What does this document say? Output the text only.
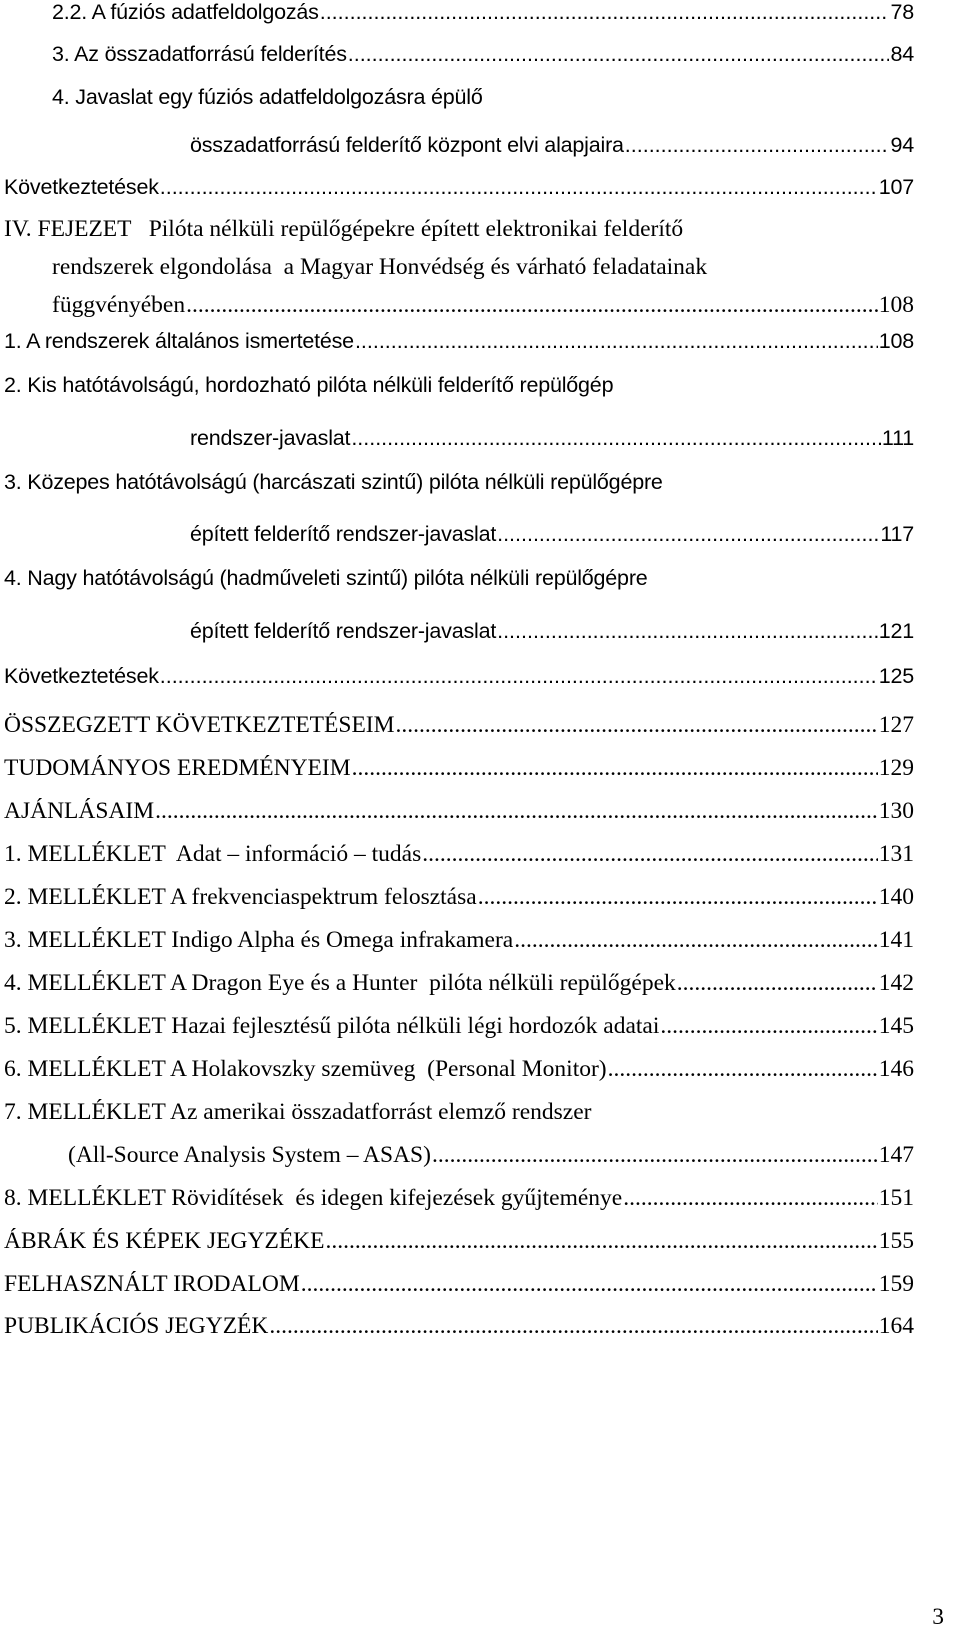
2.2. A fúziós adatfeldolgozás .....	78
3. Az összadatforrású felderítés .....	84
4. Javaslat egy fúziós adatfeldolgozásra épülő
összadatforrású felderítő központ elvi alapjaira .....	94
Következtetések .....	107
IV. FEJEZET   Pilóta nélküli repülőgépekre épített elektronikai felderítő
rendszerek elgondolása  a Magyar Honvédség és várható feladatainak
függvényében .....	108
1. A rendszerek általános ismertetése .....	108
2. Kis hatótávolságú, hordozható pilóta nélküli felderítő repülőgép
rendszer-javaslat .....	111
3. Közepes hatótávolságú (harcászati szintű) pilóta nélküli repülőgépre
épített felderítő rendszer-javaslat .....	117
4. Nagy hatótávolságú (hadműveleti szintű) pilóta nélküli repülőgépre
épített felderítő rendszer-javaslat .....	121
Következtetések .....	125
ÖSSZEGZETT KÖVETKEZTETÉSEIM .....	127
TUDOMÁNYOS EREDMÉNYEIM .....	129
AJÁNLÁSAIM .....	130
1. MELLÉKLET  Adat – információ – tudás .....	131
2. MELLÉKLET A frekvenciaspektrum felosztása .....	140
3. MELLÉKLET Indigo Alpha és Omega infrakamera .....	141
4. MELLÉKLET A Dragon Eye és a Hunter  pilóta nélküli repülőgépek .....	142
5. MELLÉKLET Hazai fejlesztésű pilóta nélküli légi hordozók adatai .....	145
6. MELLÉKLET A Holakovszky szemüveg  (Personal Monitor) .....	146
7. MELLÉKLET Az amerikai összadatforrást elemző rendszer
(All-Source Analysis System – ASAS) .....	147
8. MELLÉKLET Rövidítések  és idegen kifejezések gyűjteménye .....	151
ÁBRÁK ÉS KÉPEK JEGYZÉKE .....	155
FELHASZNÁLT IRODALOM .....	159
PUBLIKÁCIÓS JEGYZÉK .....	164
3
